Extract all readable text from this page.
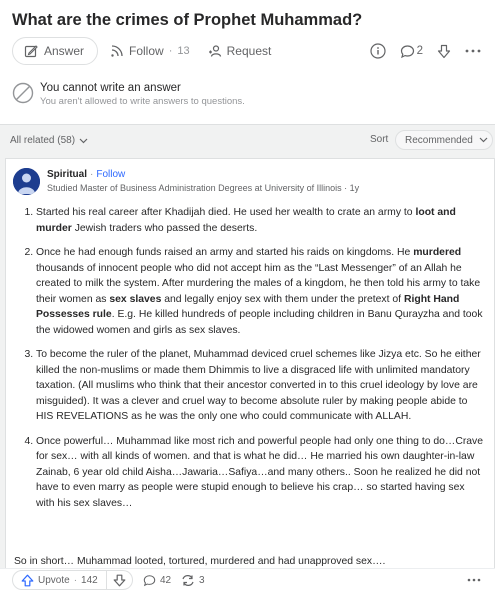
What are the crimes of Prophet Muhammad?
Answer	Follow · 13	Request	2
You cannot write an answer
You aren't allowed to write answers to questions.
All related (58)	Sort Recommended
Spiritual · Follow
Studied Master of Business Administration Degrees at University of Illinois · 1y
1. Started his real career after Khadijah died. He used her wealth to crate an army to loot and murder Jewish traders who passed the deserts.
2. Once he had enough funds raised an army and started his raids on kingdoms. He murdered thousands of innocent people who did not accept him as the “Last Messenger” of an Allah he created to milk the system. After murdering the males of a kingdom, he then told his army to take their women as sex slaves and legally enjoy sex with them under the pretext of Right Hand Possesses rule. E.g. He killed hundreds of people including children in Banu Qurayzha and took the widowed women and girls as sex slaves.
3. To become the ruler of the planet, Muhammad deviced cruel schemes like Jizya etc. So he either killed the non-muslims or made them Dhimmis to live a disgraced life with unlimited mandatory taxation. (All muslims who think that their ancestor converted in to this cruel ideology by love are misguided). It was a clever and cruel way to become absolute ruler by making people abide to HIS REVELATIONS as he was the only one who could communicate with ALLAH.
4. Once powerful… Muhammad like most rich and powerful people had only one thing to do…Crave for sex… with all kinds of women. and that is what he did… He married his own daughter-in-law Zainab, 6 year old child Aisha…Jawaria…Safiya…and many others.. Soon he realized he did not have to even marry as people were stupid enough to believe his crap… so started having sex with his sex slaves…
So in short… Muhammad looted, tortured, murdered and had unapproved sex….
Upvote · 142	42	3
